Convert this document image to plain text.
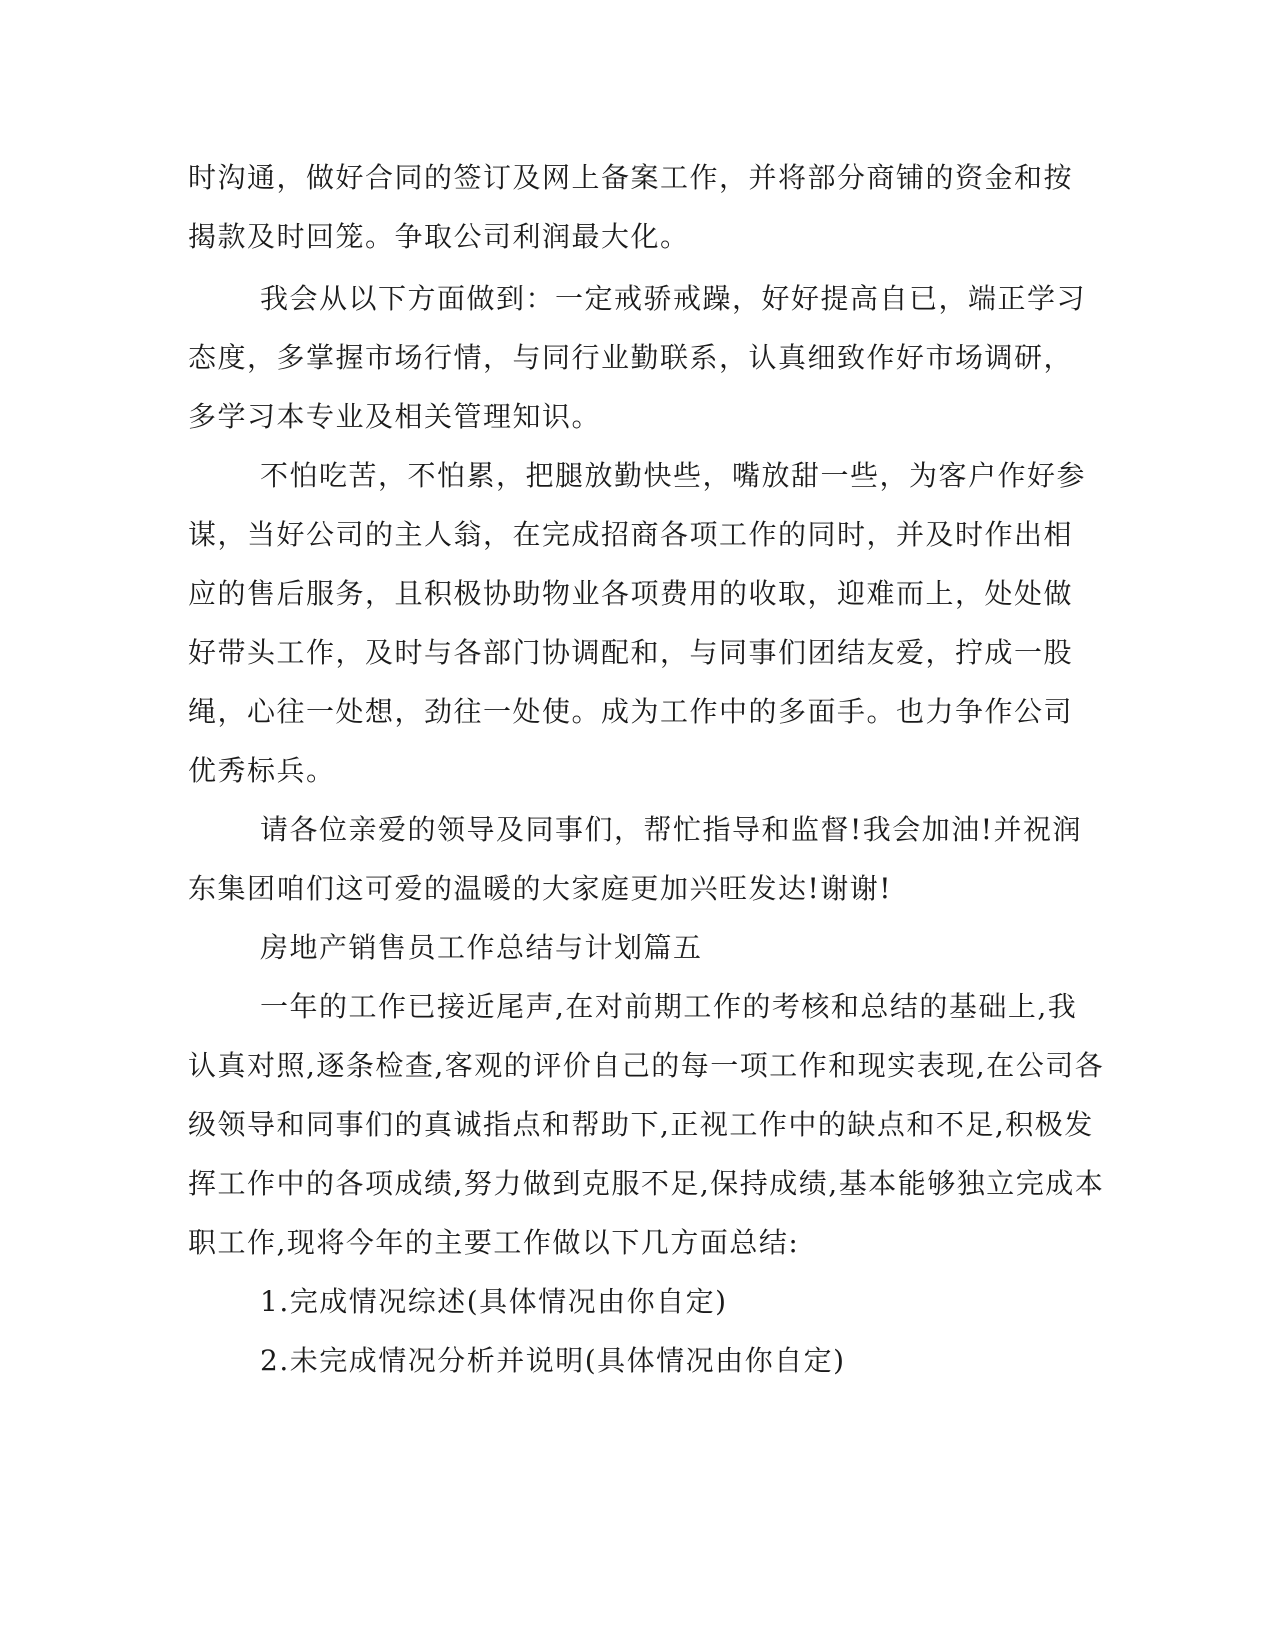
时沟通，做好合同的签订及网上备案工作，并将部分商铺的资金和按
揭款及时回笼。争取公司利润最大化。
我会从以下方面做到：一定戒骄戒躁，好好提高自已，端正学习
态度，多掌握市场行情，与同行业勤联系，认真细致作好市场调研，
多学习本专业及相关管理知识。
不怕吃苦，不怕累，把腿放勤快些，嘴放甜一些，为客户作好参
谋，当好公司的主人翁，在完成招商各项工作的同时，并及时作出相
应的售后服务，且积极协助物业各项费用的收取，迎难而上，处处做
好带头工作，及时与各部门协调配和，与同事们团结友爱，拧成一股
绳，心往一处想，劲往一处使。成为工作中的多面手。也力争作公司
优秀标兵。
请各位亲爱的领导及同事们，帮忙指导和监督!我会加油!并祝润
东集团咱们这可爱的温暖的大家庭更加兴旺发达!谢谢!
房地产销售员工作总结与计划篇五
一年的工作已接近尾声,在对前期工作的考核和总结的基础上,我
认真对照,逐条检查,客观的评价自己的每一项工作和现实表现,在公司各
级领导和同事们的真诚指点和帮助下,正视工作中的缺点和不足,积极发
挥工作中的各项成绩,努力做到克服不足,保持成绩,基本能够独立完成本
职工作,现将今年的主要工作做以下几方面总结:
1.完成情况综述(具体情况由你自定)
2.未完成情况分析并说明(具体情况由你自定)
